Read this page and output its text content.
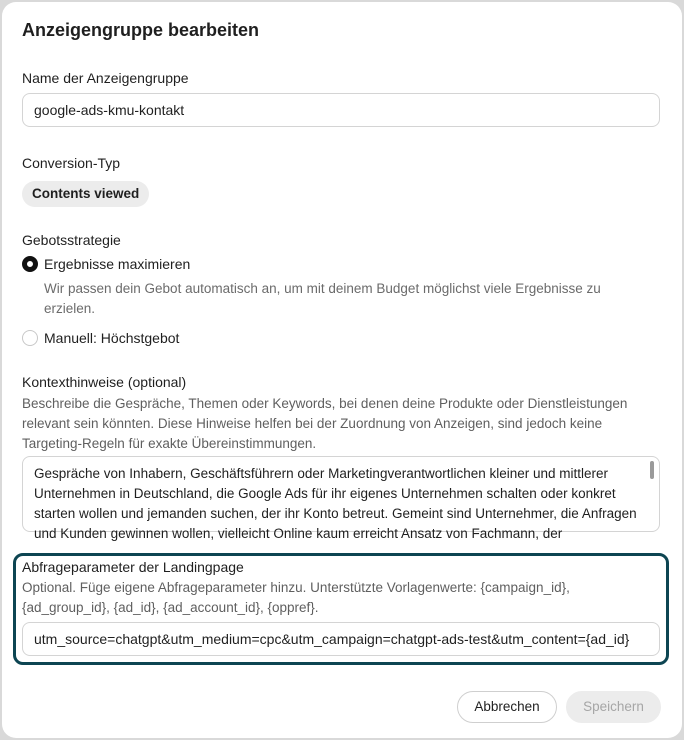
Anzeigengruppe bearbeiten
Name der Anzeigengruppe
google-ads-kmu-kontakt
Conversion-Typ
Contents viewed
Gebotsstrategie
Ergebnisse maximieren
Wir passen dein Gebot automatisch an, um mit deinem Budget möglichst viele Ergebnisse zu erzielen.
Manuell: Höchstgebot
Kontexthinweise (optional)
Beschreibe die Gespräche, Themen oder Keywords, bei denen deine Produkte oder Dienstleistungen relevant sein könnten. Diese Hinweise helfen bei der Zuordnung von Anzeigen, sind jedoch keine Targeting-Regeln für exakte Übereinstimmungen.
Gespräche von Inhabern, Geschäftsführern oder Marketingverantwortlichen kleiner und mittlerer Unternehmen in Deutschland, die Google Ads für ihr eigenes Unternehmen schalten oder konkret starten wollen und jemanden suchen, der ihr Konto betreut. Gemeint sind Unternehmer, die Anfragen und Kunden gewinnen wollen, vielleicht Online kaum erreicht Ansatz von Fachmann, der
Abfrageparameter der Landingpage
Optional. Füge eigene Abfrageparameter hinzu. Unterstützte Vorlagenwerte: {campaign_id}, {ad_group_id}, {ad_id}, {ad_account_id}, {oppref}.
utm_source=chatgpt&utm_medium=cpc&utm_campaign=chatgpt-ads-test&utm_content={ad_id}
Abbrechen	Speichern
